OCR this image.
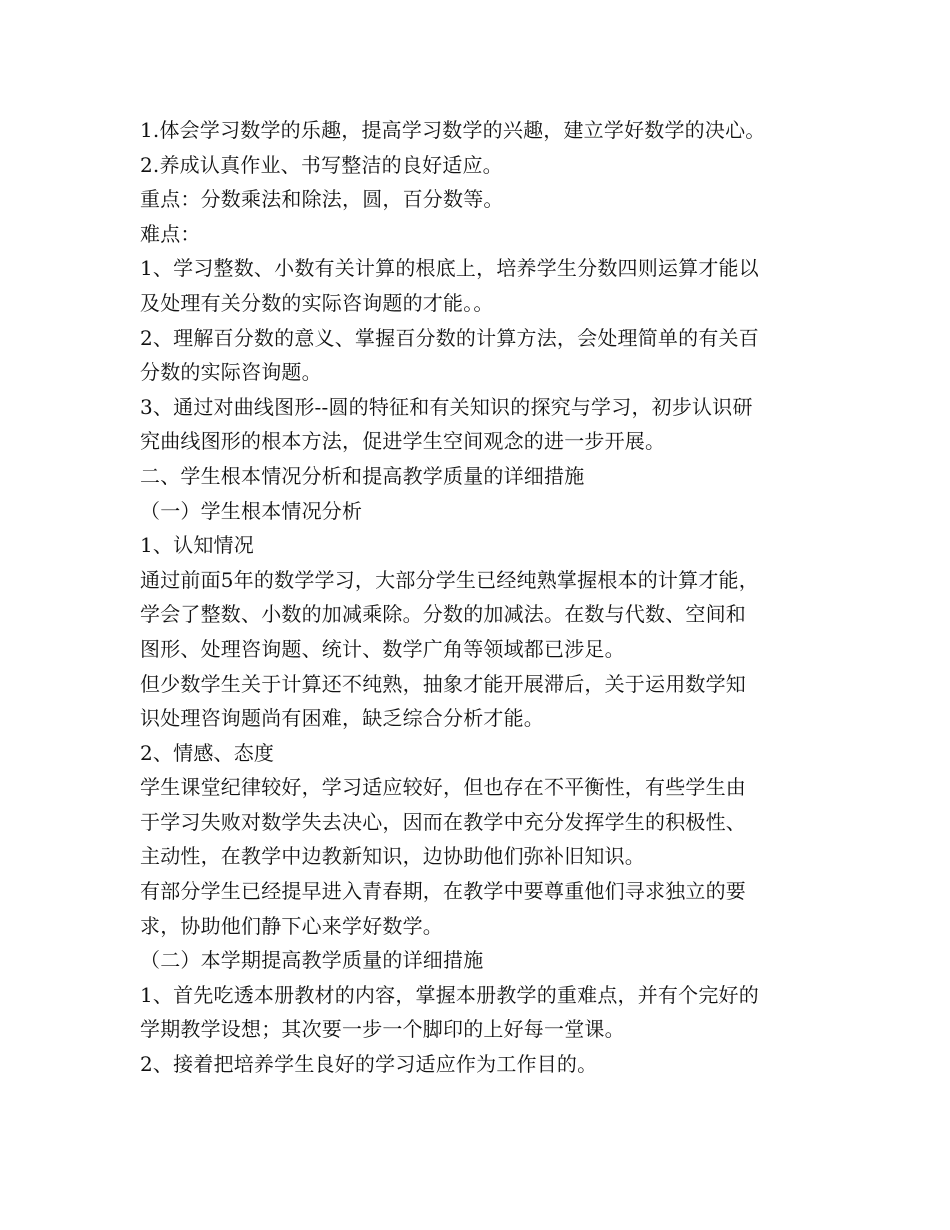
1.体会学习数学的乐趣，提高学习数学的兴趣，建立学好数学的决心。
2.养成认真作业、书写整洁的良好适应。
重点：分数乘法和除法，圆，百分数等。
难点：
1、学习整数、小数有关计算的根底上，培养学生分数四则运算才能以
及处理有关分数的实际咨询题的才能。。
2、理解百分数的意义、掌握百分数的计算方法，会处理简单的有关百
分数的实际咨询题。
3、通过对曲线图形--圆的特征和有关知识的探究与学习，初步认识研
究曲线图形的根本方法，促进学生空间观念的进一步开展。
二、学生根本情况分析和提高教学质量的详细措施
（一）学生根本情况分析
1、认知情况
通过前面5年的数学学习，大部分学生已经纯熟掌握根本的计算才能，
学会了整数、小数的加减乘除。分数的加减法。在数与代数、空间和
图形、处理咨询题、统计、数学广角等领域都已涉足。
但少数学生关于计算还不纯熟，抽象才能开展滞后，关于运用数学知
识处理咨询题尚有困难，缺乏综合分析才能。
2、情感、态度
学生课堂纪律较好，学习适应较好，但也存在不平衡性，有些学生由
于学习失败对数学失去决心，因而在教学中充分发挥学生的积极性、
主动性，在教学中边教新知识，边协助他们弥补旧知识。
有部分学生已经提早进入青春期，在教学中要尊重他们寻求独立的要
求，协助他们静下心来学好数学。
（二）本学期提高教学质量的详细措施
1、首先吃透本册教材的内容，掌握本册教学的重难点，并有个完好的
学期教学设想；其次要一步一个脚印的上好每一堂课。
2、接着把培养学生良好的学习适应作为工作目的。
